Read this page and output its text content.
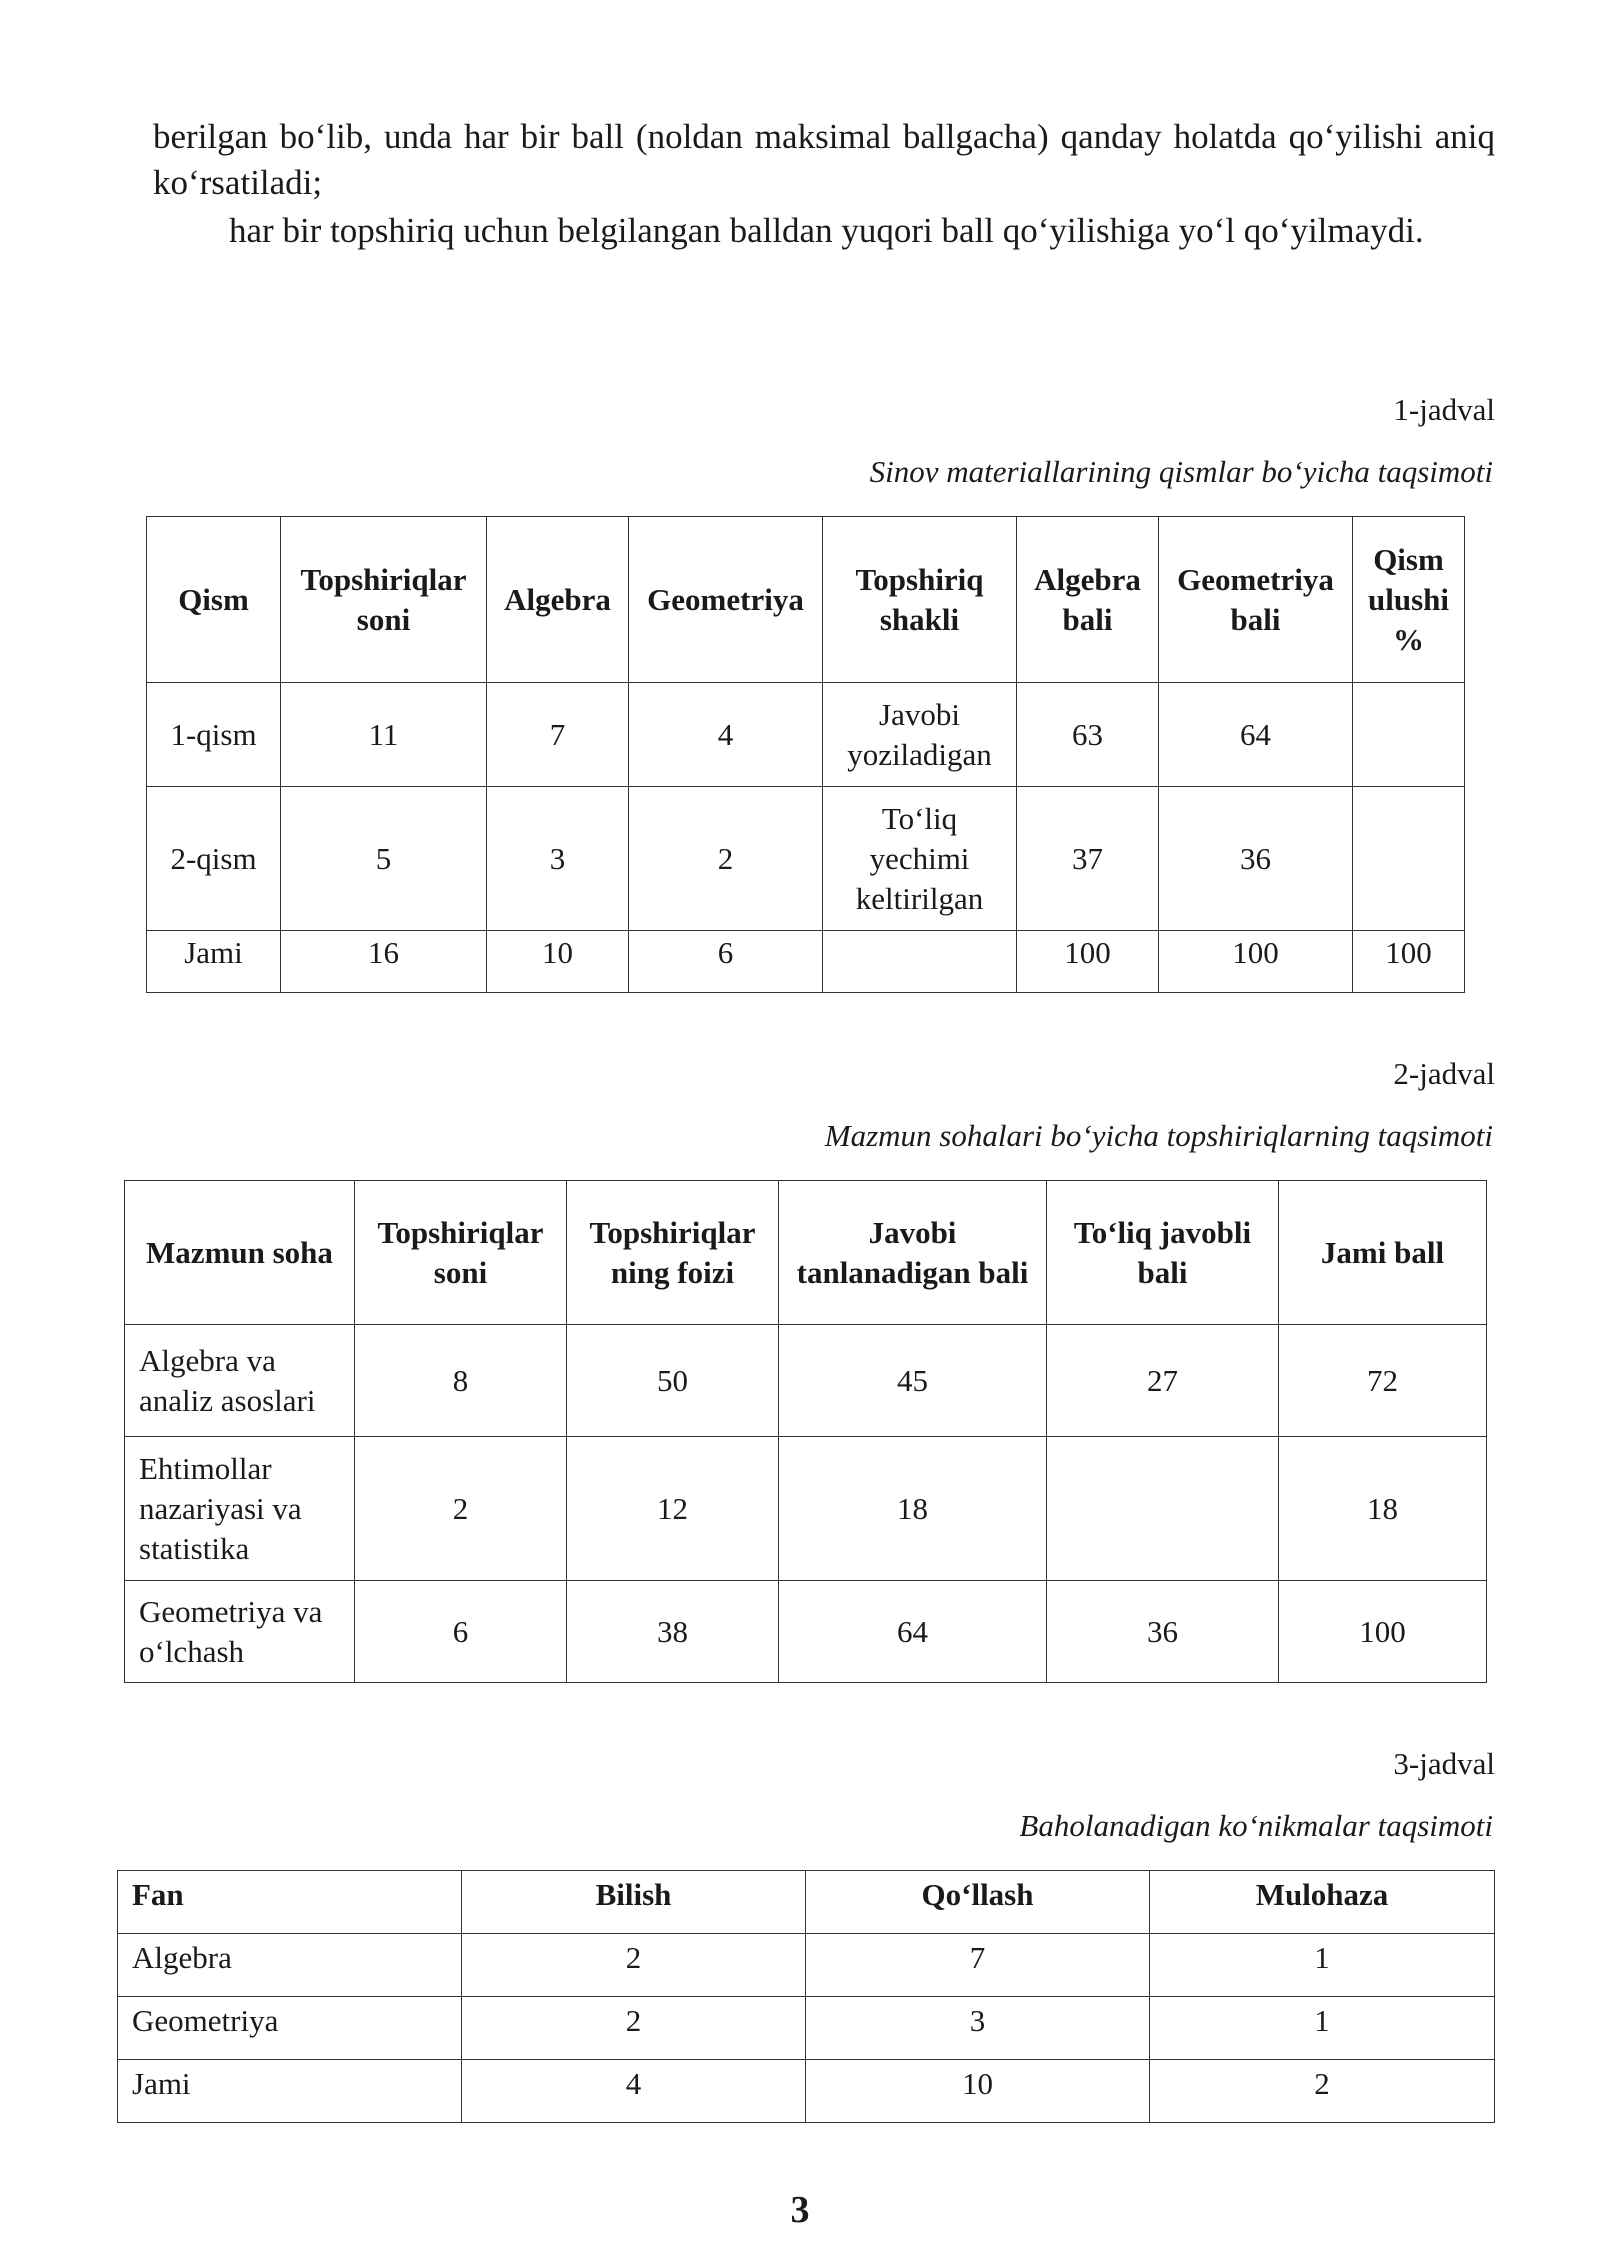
berilgan bo‘lib, unda har bir ball (noldan maksimal ballgacha) qanday holatda qo‘yilishi aniq ko‘rsatiladi;

har bir topshiriq uchun belgilangan balldan yuqori ball qo‘yilishiga yo‘l qo‘yilmaydi.

1-jadval

Sinov materiallarining qismlar bo‘yicha taqsimoti

Qism	Topshiriqlar soni	Algebra	Geometriya	Topshiriq shakli	Algebra bali	Geometriya bali	Qism ulushi %
1-qism	11	7	4	Javobi yoziladigan	63	64	
2-qism	5	3	2	To‘liq yechimi keltirilgan	37	36	
Jami	16	10	6		100	100	100

2-jadval

Mazmun sohalari bo‘yicha topshiriqlarning taqsimoti

Mazmun soha	Topshiriqlar soni	Topshiriqlar ning foizi	Javobi tanlanadigan bali	To‘liq javobli bali	Jami ball
Algebra va analiz asoslari	8	50	45	27	72
Ehtimollar nazariyasi va statistika	2	12	18		18
Geometriya va o‘lchash	6	38	64	36	100

3-jadval

Baholanadigan ko‘nikmalar taqsimoti

Fan	Bilish	Qo‘llash	Mulohaza
Algebra	2	7	1
Geometriya	2	3	1
Jami	4	10	2

3
